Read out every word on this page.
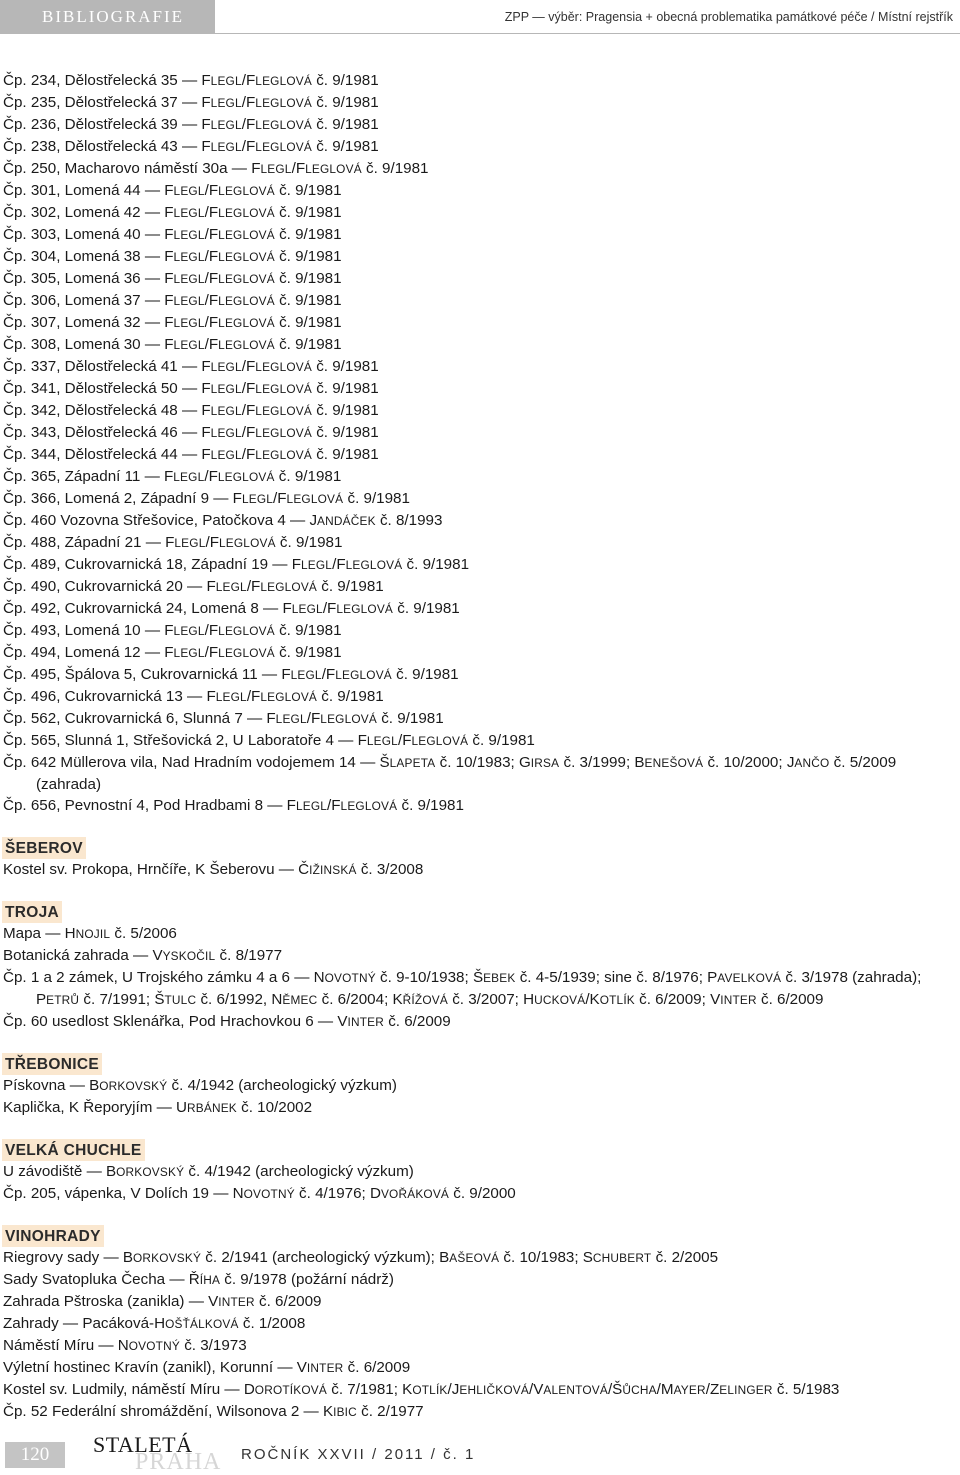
BIBLIOGRAFIE	ZPP — výběr: Pragensia + obecná problematika památkové péče / Místní rejstřík
Čp. 234, Dělostřelecká 35 — FLEGL/FLEGLOVÁ č. 9/1981
Čp. 235, Dělostřelecká 37 — FLEGL/FLEGLOVÁ č. 9/1981
Čp. 236, Dělostřelecká 39 — FLEGL/FLEGLOVÁ č. 9/1981
Čp. 238, Dělostřelecká 43 — FLEGL/FLEGLOVÁ č. 9/1981
Čp. 250, Macharovo náměstí 30a — FLEGL/FLEGLOVÁ č. 9/1981
Čp. 301, Lomená 44 — FLEGL/FLEGLOVÁ č. 9/1981
Čp. 302, Lomená 42 — FLEGL/FLEGLOVÁ č. 9/1981
Čp. 303, Lomená 40 — FLEGL/FLEGLOVÁ č. 9/1981
Čp. 304, Lomená 38 — FLEGL/FLEGLOVÁ č. 9/1981
Čp. 305, Lomená 36 — FLEGL/FLEGLOVÁ č. 9/1981
Čp. 306, Lomená 37 — FLEGL/FLEGLOVÁ č. 9/1981
Čp. 307, Lomená 32 — FLEGL/FLEGLOVÁ č. 9/1981
Čp. 308, Lomená 30 — FLEGL/FLEGLOVÁ č. 9/1981
Čp. 337, Dělostřelecká 41 — FLEGL/FLEGLOVÁ č. 9/1981
Čp. 341, Dělostřelecká 50 — FLEGL/FLEGLOVÁ č. 9/1981
Čp. 342, Dělostřelecká 48 — FLEGL/FLEGLOVÁ č. 9/1981
Čp. 343, Dělostřelecká 46 — FLEGL/FLEGLOVÁ č. 9/1981
Čp. 344, Dělostřelecká 44 — FLEGL/FLEGLOVÁ č. 9/1981
Čp. 365, Západní 11 — FLEGL/FLEGLOVÁ č. 9/1981
Čp. 366, Lomená 2, Západní 9 — FLEGL/FLEGLOVÁ č. 9/1981
Čp. 460 Vozovna Střešovice, Patočkova 4 — JANDÁČEK č. 8/1993
Čp. 488, Západní 21 — FLEGL/FLEGLOVÁ č. 9/1981
Čp. 489, Cukrovarnická 18, Západní 19 — FLEGL/FLEGLOVÁ č. 9/1981
Čp. 490, Cukrovarnická 20 — FLEGL/FLEGLOVÁ č. 9/1981
Čp. 492, Cukrovarnická 24, Lomená 8 — FLEGL/FLEGLOVÁ č. 9/1981
Čp. 493, Lomená 10 — FLEGL/FLEGLOVÁ č. 9/1981
Čp. 494, Lomená 12 — FLEGL/FLEGLOVÁ č. 9/1981
Čp. 495, Špálova 5, Cukrovarnická 11 — FLEGL/FLEGLOVÁ č. 9/1981
Čp. 496, Cukrovarnická 13 — FLEGL/FLEGLOVÁ č. 9/1981
Čp. 562, Cukrovarnická 6, Slunná 7 — FLEGL/FLEGLOVÁ č. 9/1981
Čp. 565, Slunná 1, Střešovická 2, U Laboratoře 4 — FLEGL/FLEGLOVÁ č. 9/1981
Čp. 642 Müllerova vila, Nad Hradním vodojemem 14 — ŠLAPETA č. 10/1983; GIRSA č. 3/1999; BENEŠOVÁ č. 10/2000; JANČO č. 5/2009 (zahrada)
Čp. 656, Pevnostní 4, Pod Hradbami 8 — FLEGL/FLEGLOVÁ č. 9/1981
ŠEBEROV
Kostel sv. Prokopa, Hrnčíře, K Šeberovu — ČIŽINSKÁ č. 3/2008
TROJA
Mapa — HNOJIL č. 5/2006
Botanická zahrada — VYSKOČIL č. 8/1977
Čp. 1 a 2 zámek, U Trojského zámku 4 a 6 — NOVOTNÝ č. 9-10/1938; ŠEBEK č. 4-5/1939; sine č. 8/1976; PAVELKOVÁ č. 3/1978 (zahrada); PETRŮ č. 7/1991; ŠTULC č. 6/1992, NĚMEC č. 6/2004; KŘÍŽOVÁ č. 3/2007; HUCKOVÁ/KOTLÍK č. 6/2009; VINTER č. 6/2009
Čp. 60 usedlost Sklenářka, Pod Hrachovkou 6 — VINTER č. 6/2009
TŘEBONICE
Pískovna — BORKOVSKÝ č. 4/1942 (archeologický výzkum)
Kaplička, K Řeporyjím — URBÁNEK č. 10/2002
VELKÁ CHUCHLE
U závodiště — BORKOVSKÝ č. 4/1942 (archeologický výzkum)
Čp. 205, vápenka, V Dolích 19 — NOVOTNÝ č. 4/1976; DVOŘÁKOVÁ č. 9/2000
VINOHRADY
Riegrovy sady — BORKOVSKÝ č. 2/1941 (archeologický výzkum); BAŠEOVÁ č. 10/1983; SCHUBERT č. 2/2005
Sady Svatopluka Čecha — ŘÍHA č. 9/1978 (požární nádrž)
Zahrada Pštroska (zanikla) — VINTER č. 6/2009
Zahrady — Pacáková-HOŠŤÁLKOVÁ č. 1/2008
Náměstí Míru — NOVOTNÝ č. 3/1973
Výletní hostinec Kravín (zanikl), Korunní — VINTER č. 6/2009
Kostel sv. Ludmily, náměstí Míru — DOROTÍKOVÁ č. 7/1981; KOTLÍK/JEHLIČKOVÁ/VALENTOVÁ/ŠŮCHA/MAYER/ZELINGER č. 5/1983
Čp. 52 Federální shromáždění, Wilsonova 2 — KIBIC č. 2/1977
120	STALETÁ
PRAHA ROČNÍK XXVII / 2011 / č. 1
